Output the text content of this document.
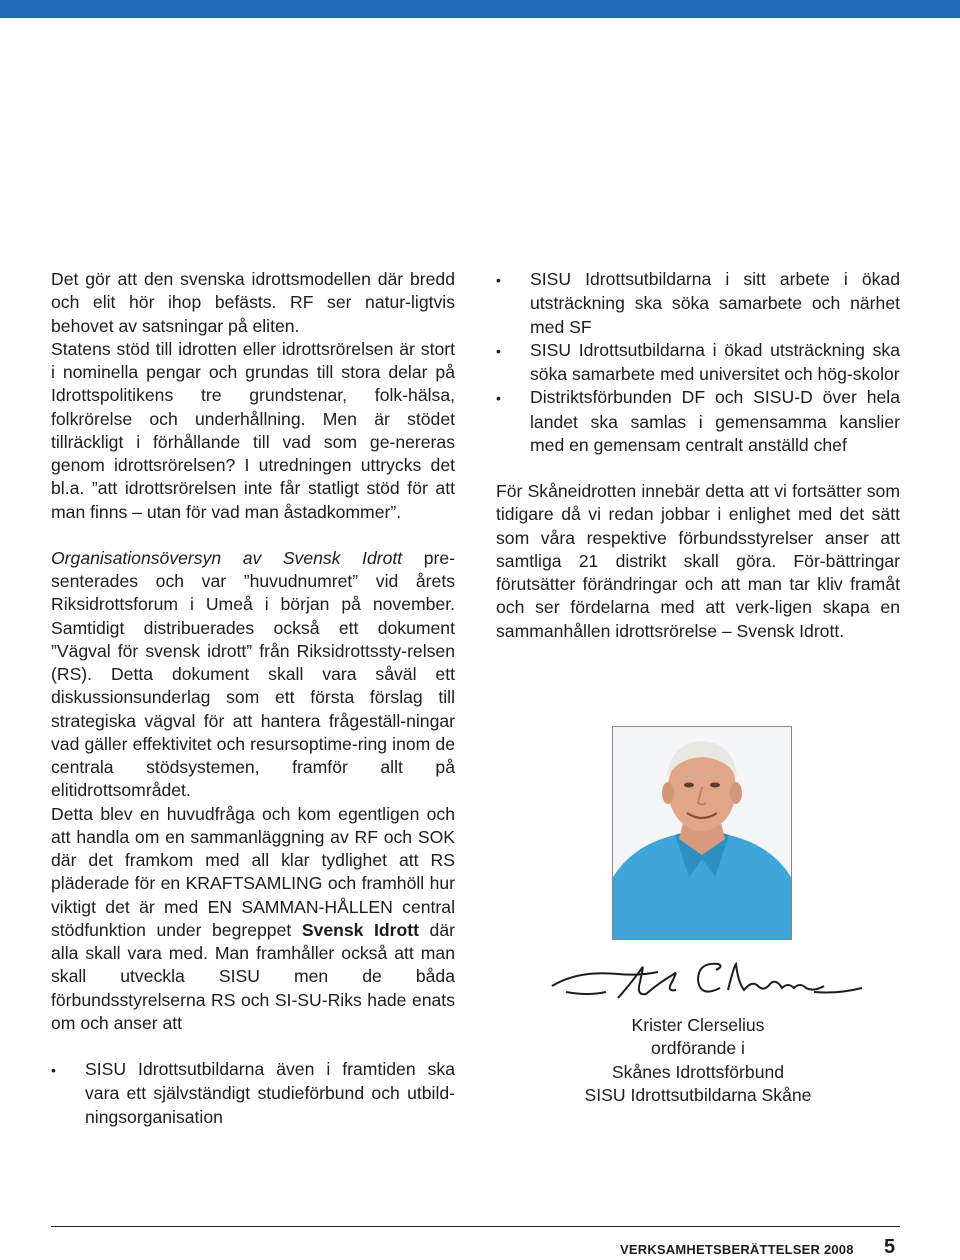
Det gör att den svenska idrottsmodellen där bredd och elit hör ihop befästs. RF ser natur-ligtvis behovet av satsningar på eliten.

Statens stöd till idrotten eller idrottsrörelsen är stort i nominella pengar och grundas till stora delar på Idrottspolitikens tre grundstenar, folk-hälsa, folkrörelse och underhållning. Men är stödet tillräckligt i förhållande till vad som ge-nereras genom idrottsrörelsen? I utredningen uttrycks det bl.a. ”att idrottsrörelsen inte får statligt stöd för att man finns – utan för vad man åstadkommer”.

Organisationsöversyn av Svensk Idrott pre-senterades och var ”huvudnumret” vid årets Riksidrottsforum i Umeå i början på november. Samtidigt distribuerades också ett dokument ”Vägval för svensk idrott” från Riksidrottssty-relsen (RS). Detta dokument skall vara såväl ett diskussionsunderlag som ett första förslag till strategiska vägval för att hantera frågeställ-ningar vad gäller effektivitet och resursoptime-ring inom de centrala stödsystemen, framför allt på elitidrottsområdet.

Detta blev en huvudfråga och kom egentligen och att handla om en sammanläggning av RF och SOK där det framkom med all klar tydlighet att RS pläderade för en KRAFTSAMLING och framhöll hur viktigt det är med EN SAMMAN-HÅLLEN central stödfunktion under begreppet Svensk Idrott där alla skall vara med. Man framhåller också att man skall utveckla SISU men de båda förbundsstyrelserna RS och SI-SU-Riks hade enats om och anser att

• SISU Idrottsutbildarna även i framtiden ska vara ett självständigt studieförbund och utbild-ningsorganisation

• SISU Idrottsutbildarna i sitt arbete i ökad utsträckning ska söka samarbete och närhet med SF

• SISU Idrottsutbildarna i ökad utsträckning ska söka samarbete med universitet och hög-skolor

• Distriktsförbunden DF och SISU-D över hela landet ska samlas i gemensamma kanslier med en gemensam centralt anställd chef

För Skåneidrotten innebär detta att vi fortsätter som tidigare då vi redan jobbar i enlighet med det sätt som våra respektive förbundsstyrelser anser att samtliga 21 distrikt skall göra. För-bättringar förutsätter förändringar och att man tar kliv framåt och ser fördelarna med att verk-ligen skapa en sammanhållen idrottsrörelse – Svensk Idrott.

Krister Clerselius
ordförande i
Skånes Idrottsförbund
SISU Idrottsutbildarna Skåne
VERKSAMHETSBERÄTTELSER 2008 5
